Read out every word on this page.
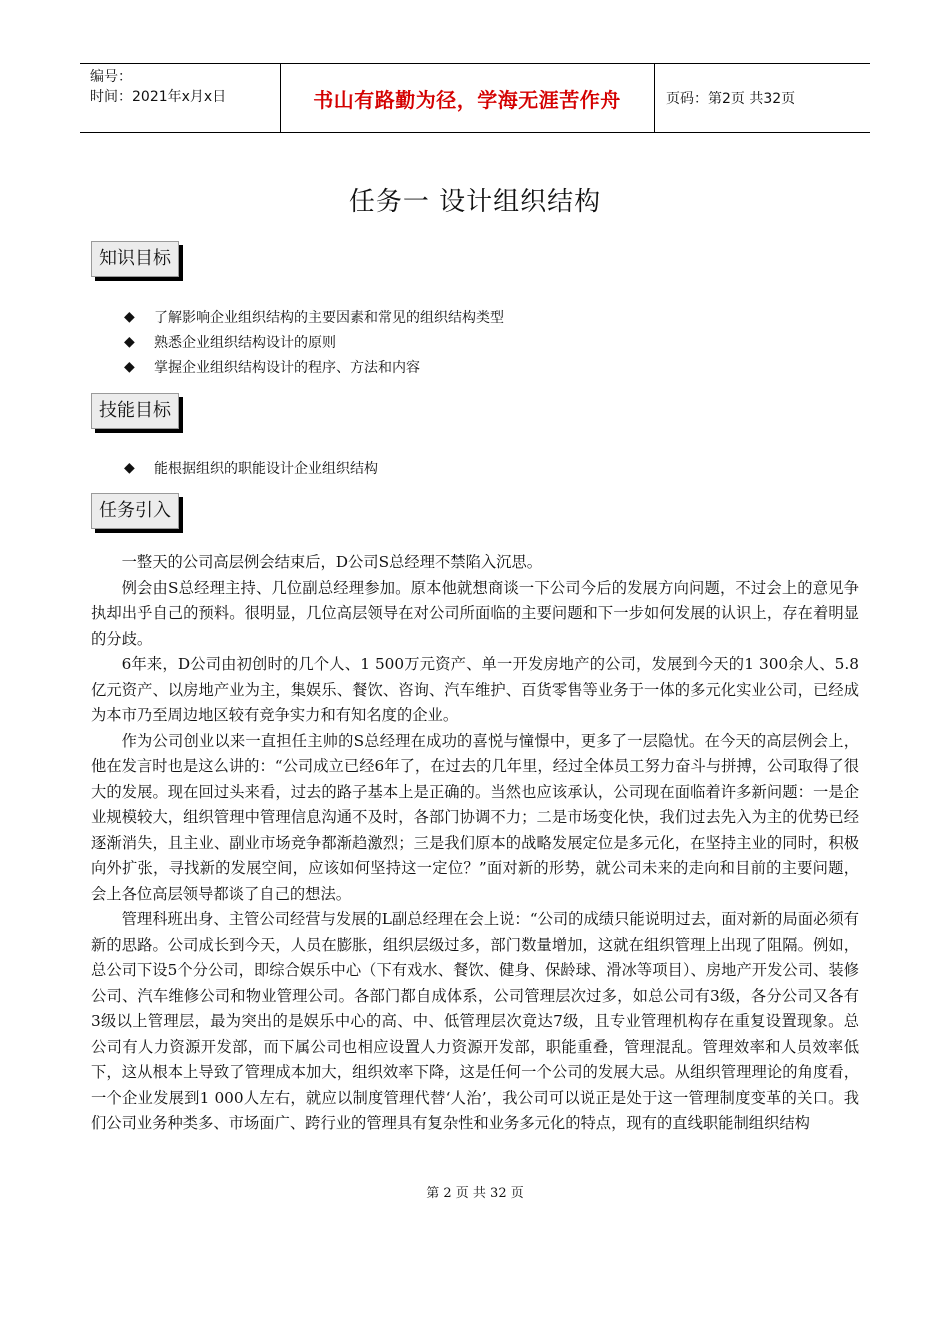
编号：
时间：2021年x月x日	书山有路勤为径，学海无涯苦作舟	页码：第2页 共32页
任务一 设计组织结构
知识目标
◆ 了解影响企业组织结构的主要因素和常见的组织结构类型
◆ 熟悉企业组织结构设计的原则
◆ 掌握企业组织结构设计的程序、方法和内容
技能目标
◆ 能根据组织的职能设计企业组织结构
任务引入

一整天的公司高层例会结束后，D公司S总经理不禁陷入沉思。

例会由S总经理主持、几位副总经理参加。原本他就想商谈一下公司今后的发展方向问题，不过会上的意见争执却出乎自己的预料。很明显，几位高层领导在对公司所面临的主要问题和下一步如何发展的认识上，存在着明显的分歧。

6年来，D公司由初创时的几个人、1 500万元资产、单一开发房地产的公司，发展到今天的1 300余人、5.8亿元资产、以房地产业为主，集娱乐、餐饮、咨询、汽车维护、百货零售等业务于一体的多元化实业公司，已经成为本市乃至周边地区较有竞争实力和有知名度的企业。

作为公司创业以来一直担任主帅的S总经理在成功的喜悦与憧憬中，更多了一层隐忧。在今天的高层例会上，他在发言时也是这么讲的：“公司成立已经6年了，在过去的几年里，经过全体员工努力奋斗与拼搏，公司取得了很大的发展。现在回过头来看，过去的路子基本上是正确的。当然也应该承认，公司现在面临着许多新问题：一是企业规模较大，组织管理中管理信息沟通不及时，各部门协调不力；二是市场变化快，我们过去先入为主的优势已经逐渐消失，且主业、副业市场竞争都渐趋激烈；三是我们原本的战略发展定位是多元化，在坚持主业的同时，积极向外扩张，寻找新的发展空间，应该如何坚持这一定位？”面对新的形势，就公司未来的走向和目前的主要问题，会上各位高层领导都谈了自己的想法。

管理科班出身、主管公司经营与发展的L副总经理在会上说：“公司的成绩只能说明过去，面对新的局面必须有新的思路。公司成长到今天，人员在膨胀，组织层级过多，部门数量增加，这就在组织管理上出现了阻隔。例如，总公司下设5个分公司，即综合娱乐中心（下有戏水、餐饮、健身、保龄球、滑冰等项目）、房地产开发公司、装修公司、汽车维修公司和物业管理公司。各部门都自成体系，公司管理层次过多，如总公司有3级，各分公司又各有3级以上管理层，最为突出的是娱乐中心的高、中、低管理层次竟达7级，且专业管理机构存在重复设置现象。总公司有人力资源开发部，而下属公司也相应设置人力资源开发部，职能重叠，管理混乱。管理效率和人员效率低下，这从根本上导致了管理成本加大，组织效率下降，这是任何一个公司的发展大忌。从组织管理理论的角度看，一个企业发展到1 000人左右，就应以制度管理代替‘人治’，我公司可以说正是处于这一管理制度变革的关口。我们公司业务种类多、市场面广、跨行业的管理具有复杂性和业务多元化的特点，现有的直线职能制组织结构

第 2 页 共 32 页
